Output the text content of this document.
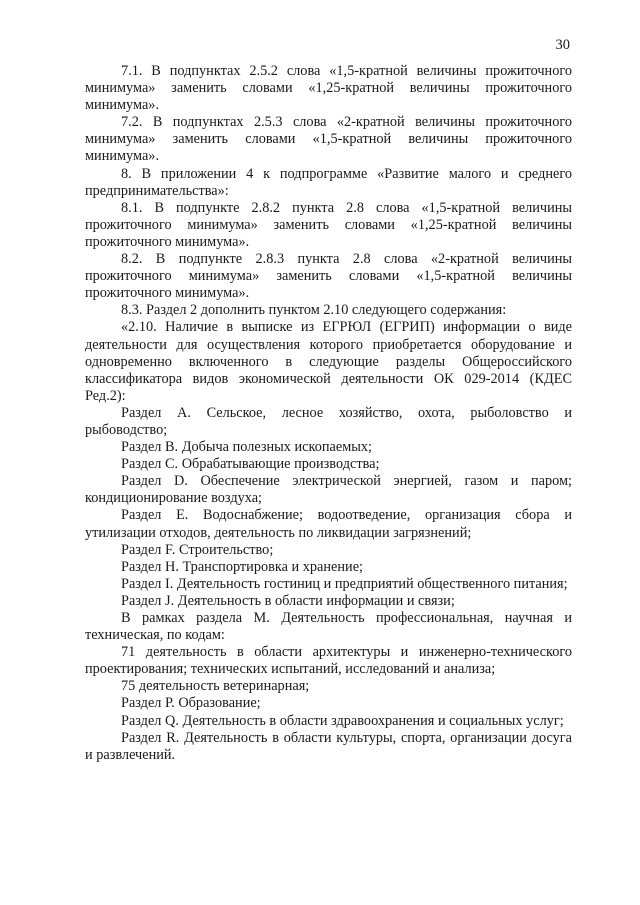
30

7.1. В подпунктах 2.5.2 слова «1,5-кратной величины прожиточного минимума» заменить словами «1,25-кратной величины прожиточного минимума».

7.2. В подпунктах 2.5.3 слова «2-кратной величины прожиточного минимума» заменить словами «1,5-кратной величины прожиточного минимума».

8. В приложении 4 к подпрограмме «Развитие малого и среднего предпринимательства»:

8.1. В подпункте 2.8.2 пункта 2.8 слова «1,5-кратной величины прожиточного минимума» заменить словами «1,25-кратной величины прожиточного минимума».

8.2. В подпункте 2.8.3 пункта 2.8 слова «2-кратной величины прожиточного минимума» заменить словами «1,5-кратной величины прожиточного минимума».

8.3. Раздел 2 дополнить пунктом 2.10 следующего содержания:

«2.10. Наличие в выписке из ЕГРЮЛ (ЕГРИП) информации о виде деятельности для осуществления которого приобретается оборудование и одновременно включенного в следующие разделы Общероссийского классификатора видов экономической деятельности ОК 029-2014 (КДЕС Ред.2):

Раздел А. Сельское, лесное хозяйство, охота, рыболовство и рыбоводство;

Раздел В. Добыча полезных ископаемых;

Раздел С. Обрабатывающие производства;

Раздел D. Обеспечение электрической энергией, газом и паром; кондиционирование воздуха;

Раздел Е. Водоснабжение; водоотведение, организация сбора и утилизации отходов, деятельность по ликвидации загрязнений;

Раздел F. Строительство;

Раздел Н. Транспортировка и хранение;

Раздел I. Деятельность гостиниц и предприятий общественного питания;

Раздел J. Деятельность в области информации и связи;

В рамках раздела М. Деятельность профессиональная, научная и техническая, по кодам:

71 деятельность в области архитектуры и инженерно-технического проектирования; технических испытаний, исследований и анализа;

75 деятельность ветеринарная;

Раздел Р. Образование;

Раздел Q. Деятельность в области здравоохранения и социальных услуг;

Раздел R. Деятельность в области культуры, спорта, организации досуга и развлечений.
